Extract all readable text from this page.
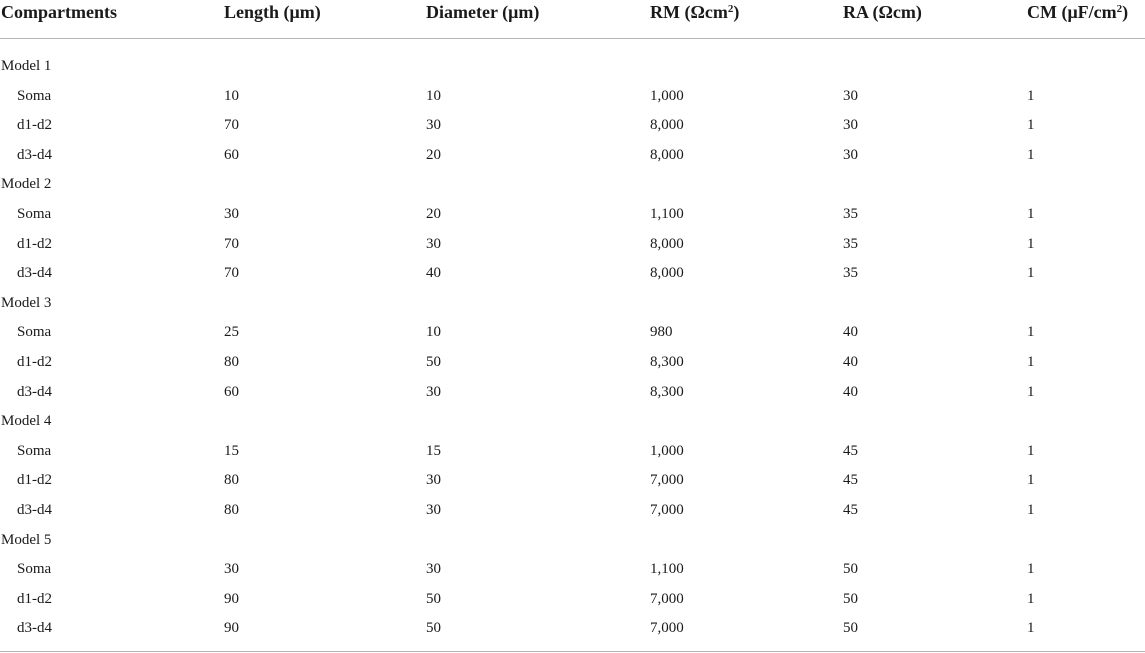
Compartments	Length (μm)	Diameter (μm)	RM (Ωcm$^2$)	RA (Ωcm)	CM $(\mu F/cm^2)$
Model 1
Soma	10	10	1,000	30	1
d1-d2	70	30	8,000	30	1
d3-d4	60	20	8,000	30	1
Model 2
Soma	30	20	1,100	35	1
d1-d2	70	30	8,000	35	1
d3-d4	70	40	8,000	35	1
Model 3
Soma	25	10	980	40	1
d1-d2	80	50	8,300	40	1
d3-d4	60	30	8,300	40	1
Model 4
Soma	15	15	1,000	45	1
d1-d2	80	30	7,000	45	1
d3-d4	80	30	7,000	45	1
Model 5
Soma	30	30	1,100	50	1
d1-d2	90	50	7,000	50	1
d3-d4	90	50	7,000	50	1
